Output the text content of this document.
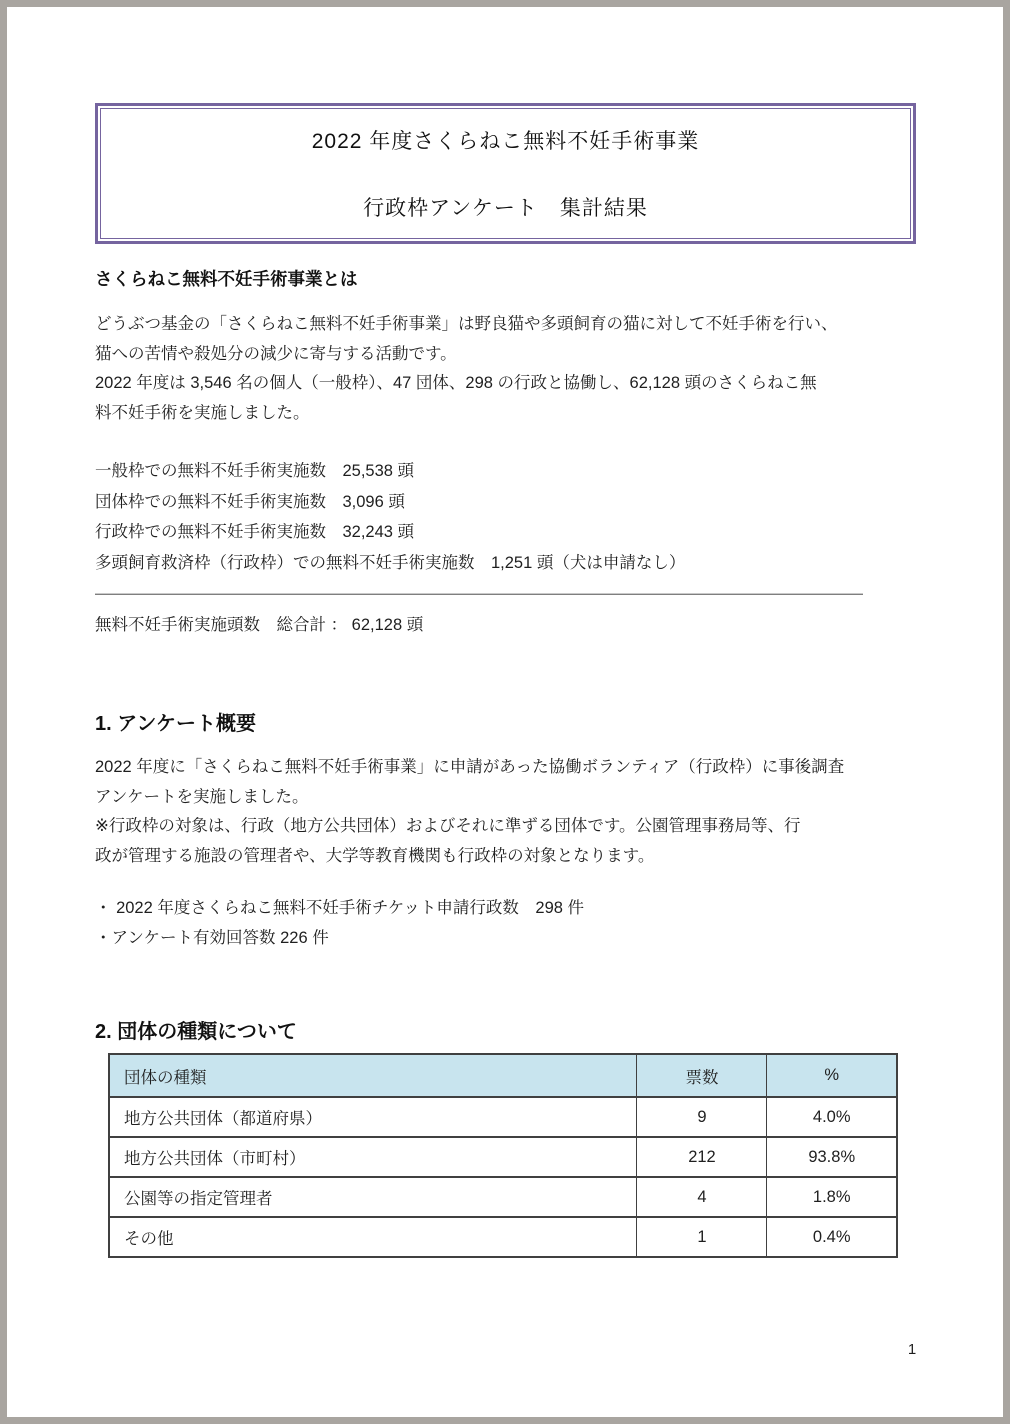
2022 年度さくらねこ無料不妊手術事業
行政枠アンケート　集計結果
さくらねこ無料不妊手術事業とは
どうぶつ基金の「さくらねこ無料不妊手術事業」は野良猫や多頭飼育の猫に対して不妊手術を行い、
猫への苦情や殺処分の減少に寄与する活動です。
2022 年度は 3,546 名の個人（一般枠）、47 団体、298 の行政と協働し、62,128 頭のさくらねこ無
料不妊手術を実施しました。
一般枠での無料不妊手術実施数　25,538 頭
団体枠での無料不妊手術実施数　3,096 頭
行政枠での無料不妊手術実施数　32,243 頭
多頭飼育救済枠（行政枠）での無料不妊手術実施数　1,251 頭（犬は申請なし）
無料不妊手術実施頭数　総合計 ： 62,128 頭
1. アンケート概要
2022 年度に「さくらねこ無料不妊手術事業」に申請があった協働ボランティア（行政枠）に事後調査
アンケートを実施しました。
※行政枠の対象は、行政（地方公共団体）およびそれに準ずる団体です。公園管理事務局等、行
政が管理する施設の管理者や、大学等教育機関も行政枠の対象となります。
・ 2022 年度さくらねこ無料不妊手術チケット申請行政数　298 件
・アンケート有効回答数 226 件
2. 団体の種類について
団体の種類	票数	%
地方公共団体（都道府県）	9	4.0%
地方公共団体（市町村）	212	93.8%
公園等の指定管理者	4	1.8%
その他	1	0.4%
1
